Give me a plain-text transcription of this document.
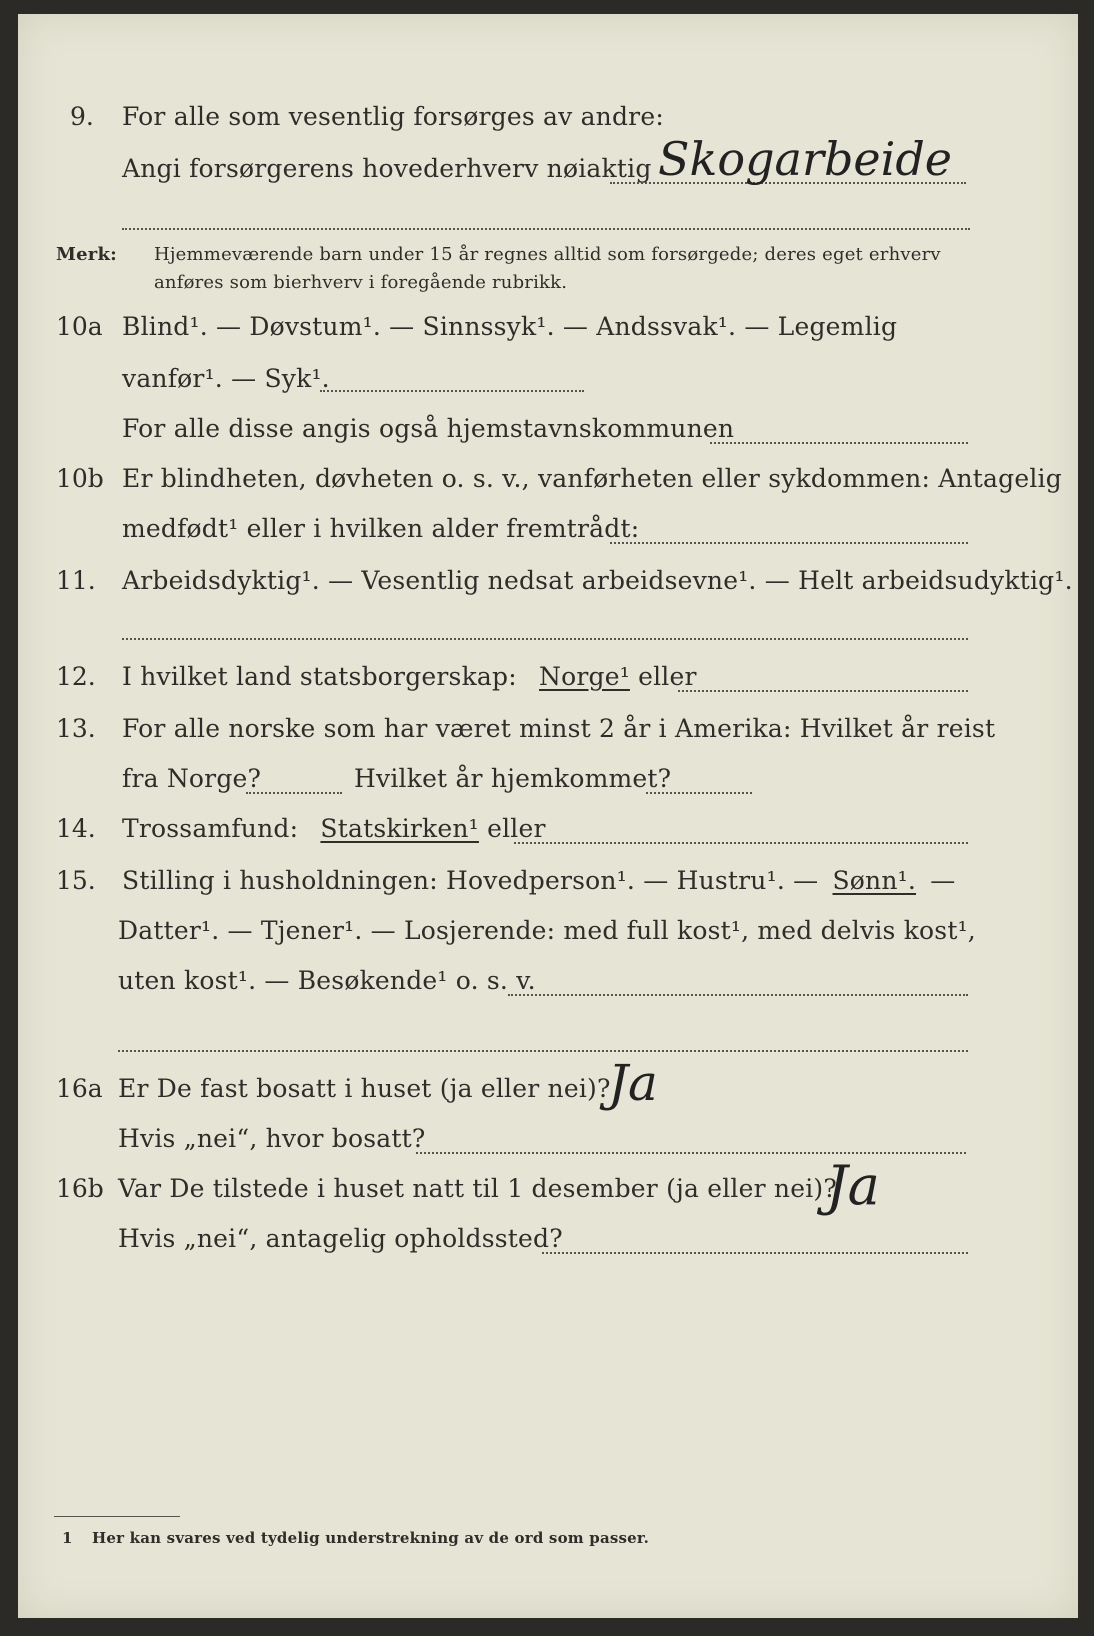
9. For alle som vesentlig forsørges av andre:
Angi forsørgerens hovederhverv nøiaktig Skogarbeide
Merk: Hjemmeværende barn under 15 år regnes alltid som forsørgede; deres eget erhverv
anføres som bierhverv i foregående rubrikk.
10a Blind¹. — Døvstum¹. — Sinnssyk¹. — Andssvak¹. — Legemlig
vanfør¹. — Syk¹.
For alle disse angis også hjemstavnskommunen
10b Er blindheten, døvheten o. s. v., vanførheten eller sykdommen: Antagelig
medfødt¹ eller i hvilken alder fremtrådt:
11. Arbeidsdyktig¹. — Vesentlig nedsat arbeidsevne¹. — Helt arbeidsudyktig¹.
12. I hvilket land statsborgerskap: Norge¹ eller
13. For alle norske som har været minst 2 år i Amerika: Hvilket år reist
fra Norge?	Hvilket år hjemkommet?
14. Trossamfund: Statskirken¹ eller
15. Stilling i husholdningen: Hovedperson¹. — Hustru¹. — Sønn¹. —
Datter¹. — Tjener¹. — Losjerende: med full kost¹, med delvis kost¹,
uten kost¹. — Besøkende¹ o. s. v.
16a Er De fast bosatt i huset (ja eller nei)?
Ja
Hvis „nei“, hvor bosatt?
16b Var De tilstede i huset natt til 1 desember (ja eller nei)?
Ja
Hvis „nei“, antagelig opholdssted?
1 Her kan svares ved tydelig understrekning av de ord som passer.
